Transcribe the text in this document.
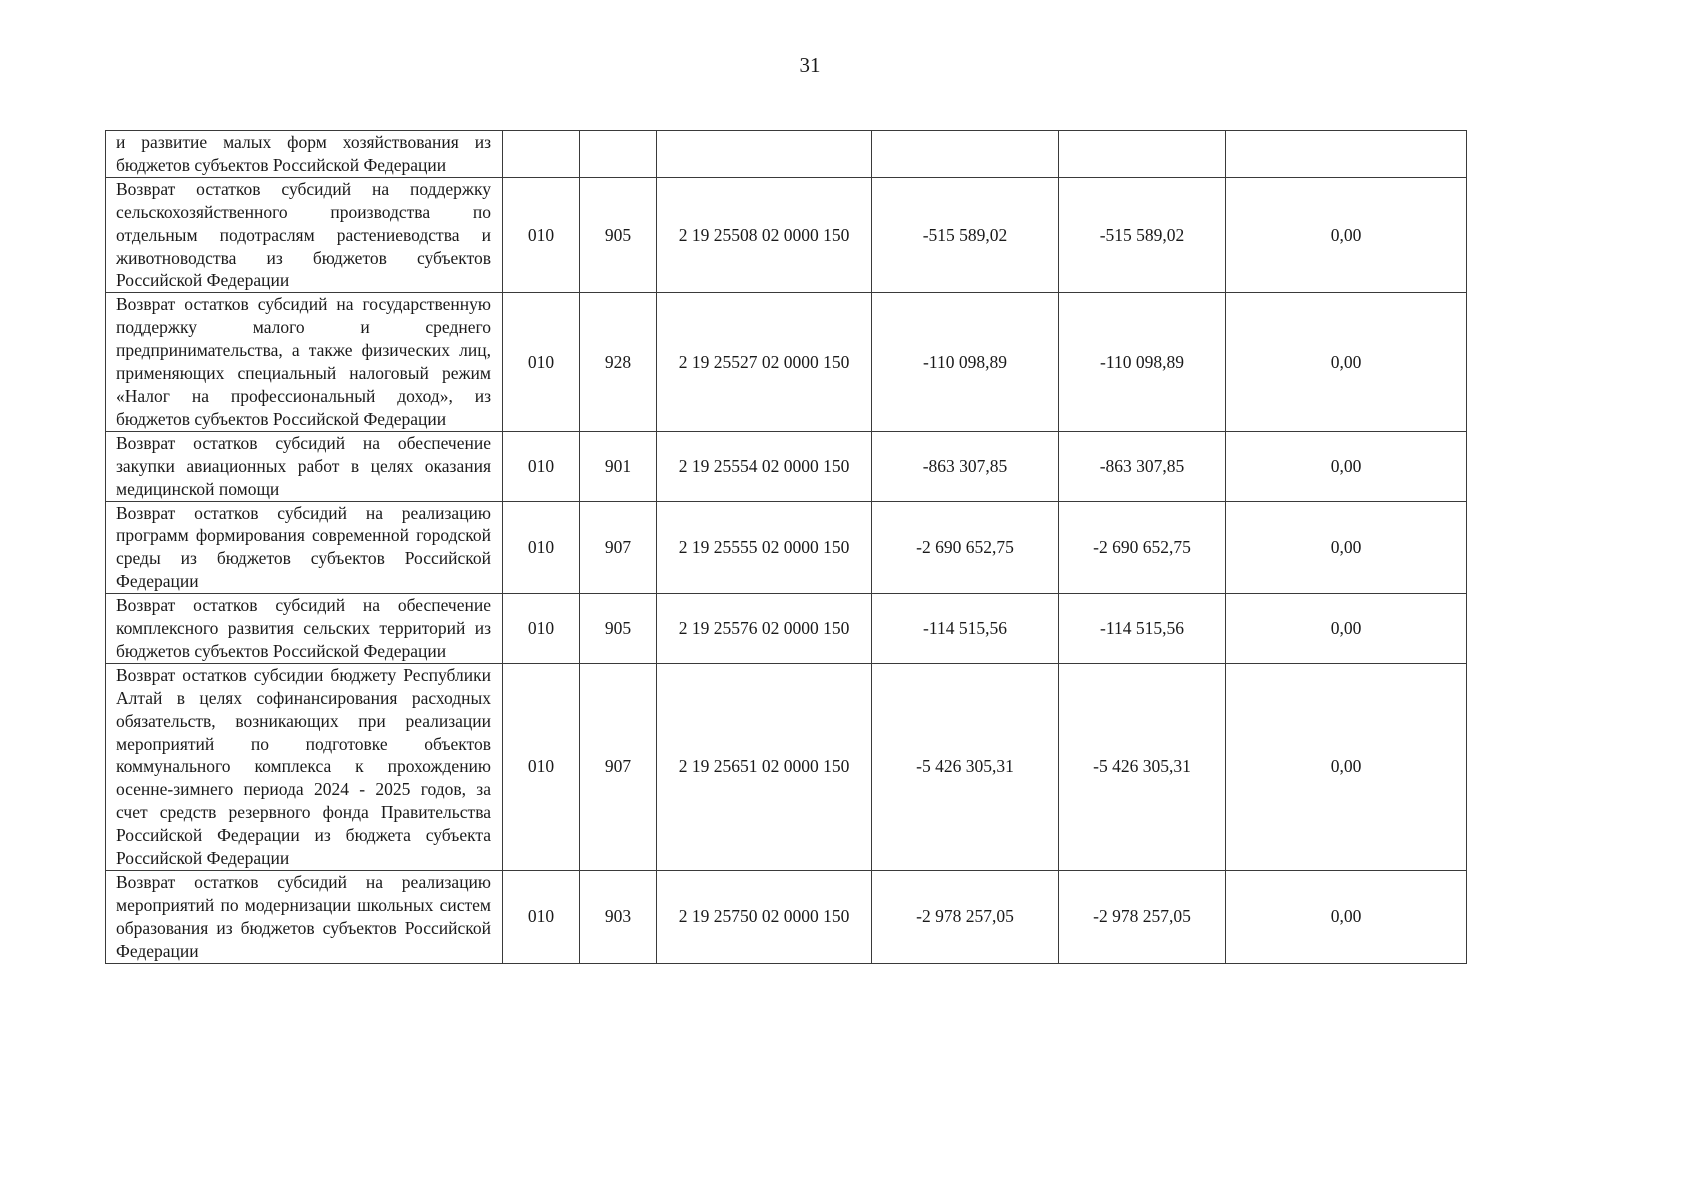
31
и развитие малых форм хозяйствования из бюджетов субъектов Российской Федерации						
Возврат остатков субсидий на поддержку сельскохозяйственного производства по отдельным подотраслям растениеводства и животноводства из бюджетов субъектов Российской Федерации	010	905	2 19 25508 02 0000 150	-515 589,02	-515 589,02	0,00
Возврат остатков субсидий на государственную поддержку малого и среднего предпринимательства, а также физических лиц, применяющих специальный налоговый режим «Налог на профессиональный доход», из бюджетов субъектов Российской Федерации	010	928	2 19 25527 02 0000 150	-110 098,89	-110 098,89	0,00
Возврат остатков субсидий на обеспечение закупки авиационных работ в целях оказания медицинской помощи	010	901	2 19 25554 02 0000 150	-863 307,85	-863 307,85	0,00
Возврат остатков субсидий на реализацию программ формирования современной городской среды из бюджетов субъектов Российской Федерации	010	907	2 19 25555 02 0000 150	-2 690 652,75	-2 690 652,75	0,00
Возврат остатков субсидий на обеспечение комплексного развития сельских территорий из бюджетов субъектов Российской Федерации	010	905	2 19 25576 02 0000 150	-114 515,56	-114 515,56	0,00
Возврат остатков субсидии бюджету Республики Алтай в целях софинансирования расходных обязательств, возникающих при реализации мероприятий по подготовке объектов коммунального комплекса к прохождению осенне-зимнего периода 2024 - 2025 годов, за счет средств резервного фонда Правительства Российской Федерации из бюджета субъекта Российской Федерации	010	907	2 19 25651 02 0000 150	-5 426 305,31	-5 426 305,31	0,00
Возврат остатков субсидий на реализацию мероприятий по модернизации школьных систем образования из бюджетов субъектов Российской Федерации	010	903	2 19 25750 02 0000 150	-2 978 257,05	-2 978 257,05	0,00
